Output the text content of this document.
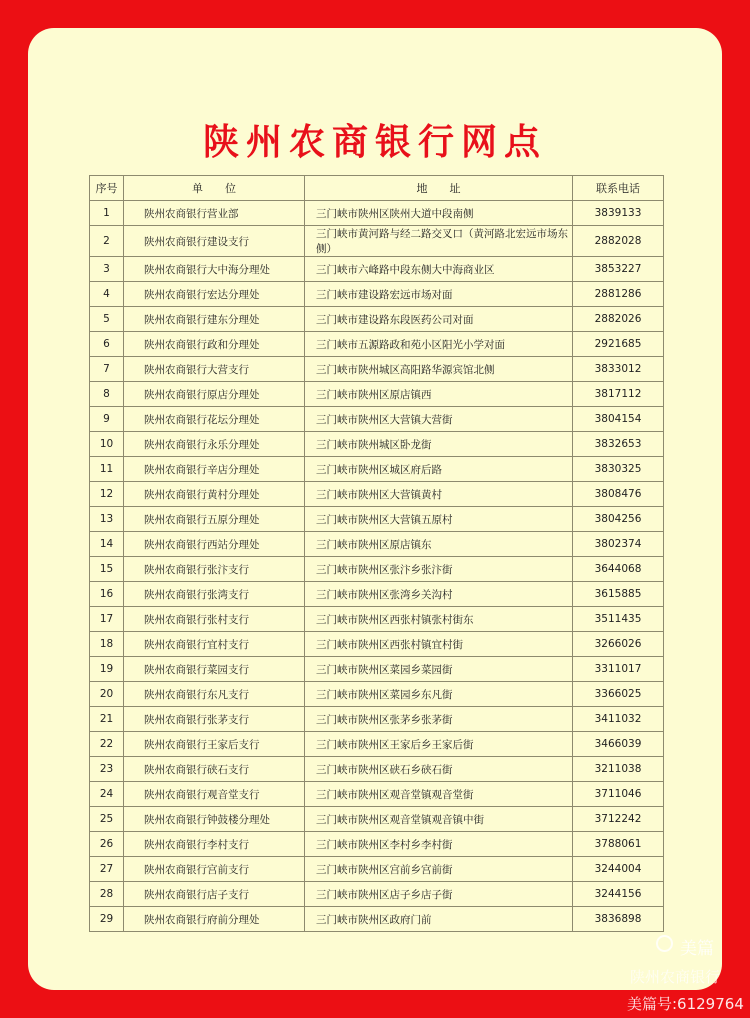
陕州农商银行网点
序号	单　　位	地　　址	联系电话
1	陕州农商银行营业部	三门峡市陕州区陕州大道中段南侧	3839133
2	陕州农商银行建设支行	三门峡市黄河路与经二路交叉口（黄河路北宏远市场东侧）	2882028
3	陕州农商银行大中海分理处	三门峡市六峰路中段东侧大中海商业区	3853227
4	陕州农商银行宏达分理处	三门峡市建设路宏远市场对面	2881286
5	陕州农商银行建东分理处	三门峡市建设路东段医药公司对面	2882026
6	陕州农商银行政和分理处	三门峡市五源路政和苑小区阳光小学对面	2921685
7	陕州农商银行大营支行	三门峡市陕州城区高阳路华源宾馆北侧	3833012
8	陕州农商银行原店分理处	三门峡市陕州区原店镇西	3817112
9	陕州农商银行花坛分理处	三门峡市陕州区大营镇大营街	3804154
10	陕州农商银行永乐分理处	三门峡市陕州城区卧龙街	3832653
11	陕州农商银行辛店分理处	三门峡市陕州区城区府后路	3830325
12	陕州农商银行黄村分理处	三门峡市陕州区大营镇黄村	3808476
13	陕州农商银行五原分理处	三门峡市陕州区大营镇五原村	3804256
14	陕州农商银行西站分理处	三门峡市陕州区原店镇东	3802374
15	陕州农商银行张汴支行	三门峡市陕州区张汴乡张汴街	3644068
16	陕州农商银行张湾支行	三门峡市陕州区张湾乡关沟村	3615885
17	陕州农商银行张村支行	三门峡市陕州区西张村镇张村街东	3511435
18	陕州农商银行宜村支行	三门峡市陕州区西张村镇宜村街	3266026
19	陕州农商银行菜园支行	三门峡市陕州区菜园乡菜园街	3311017
20	陕州农商银行东凡支行	三门峡市陕州区菜园乡东凡街	3366025
21	陕州农商银行张茅支行	三门峡市陕州区张茅乡张茅街	3411032
22	陕州农商银行王家后支行	三门峡市陕州区王家后乡王家后街	3466039
23	陕州农商银行硖石支行	三门峡市陕州区硖石乡硖石街	3211038
24	陕州农商银行观音堂支行	三门峡市陕州区观音堂镇观音堂街	3711046
25	陕州农商银行钟鼓楼分理处	三门峡市陕州区观音堂镇观音镇中街	3712242
26	陕州农商银行李村支行	三门峡市陕州区李村乡李村街	3788061
27	陕州农商银行宫前支行	三门峡市陕州区宫前乡宫前街	3244004
28	陕州农商银行店子支行	三门峡市陕州区店子乡店子街	3244156
29	陕州农商银行府前分理处	三门峡市陕州区政府门前	3836898
美篇
陕州农商银行
美篇号:6129764
